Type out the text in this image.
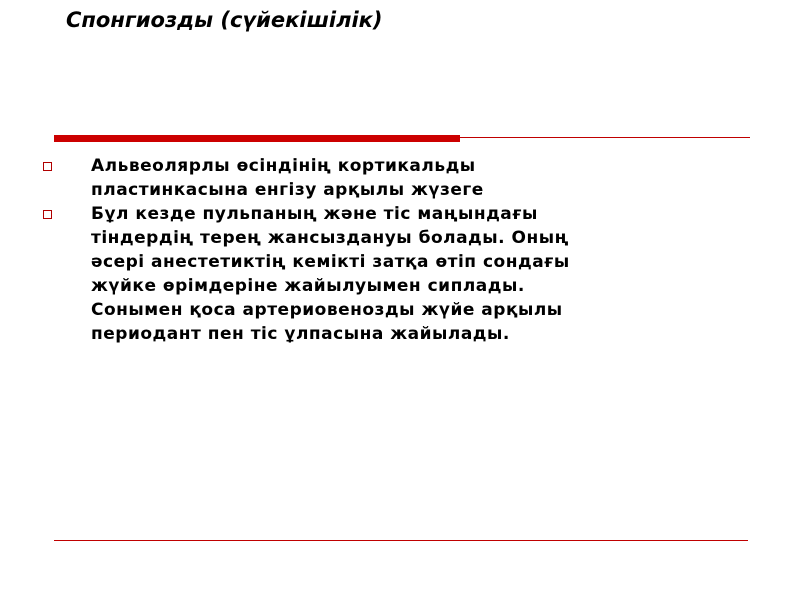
Спонгиозды (сүйекішілік)
Альвеолярлы өсіндінің кортикальды
пластинкасына енгізу арқылы жүзеге
Бұл кезде пульпаның және тіс маңындағы
тіндердің терең жансыздануы болады. Оның
әсері анестетиктің кемікті затқа өтіп сондағы
жүйке өрімдеріне жайылуымен сиплады.
Сонымен қоса артериовенозды жүйе арқылы
периодант пен тіс ұлпасына жайылады.
